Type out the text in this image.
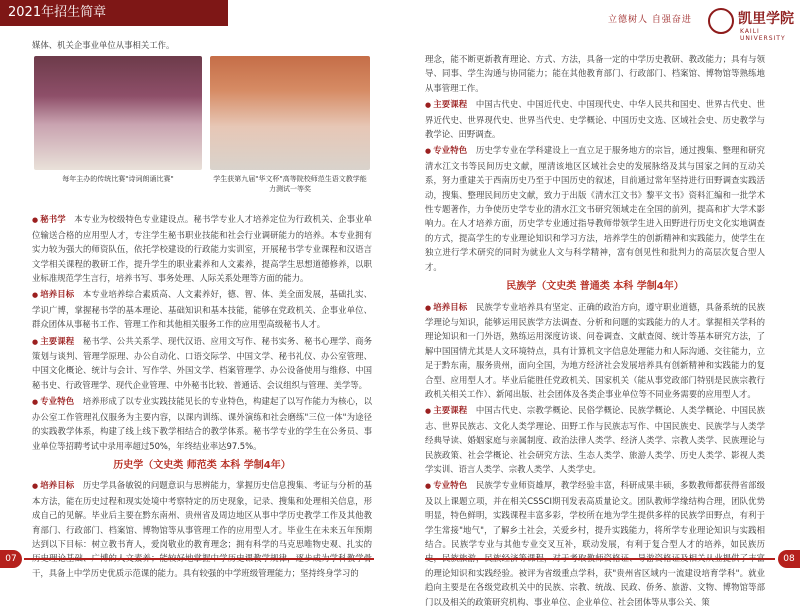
2021年招生简章	立德树人 自强奋进	凯里学院
KAILI UNIVERSITY

媒体、机关企事业单位从事相关工作。

每年主办的传统比赛"诗词朗诵比赛"	学生获第九届"华文杯"高等院校师范生语文教学能力测试一等奖

● 秘书学　 本专业为校级特色专业建设点。秘书学专业人才培养定位为行政机关、企事业单位输送合格的应用型人才，专注学生秘书职业技能和社会行业调研能力的培养。本专业拥有实力较为强大的师资队伍，依托学校建设的行政能力实训室，开展秘书学专业课程和汉语言文学相关课程的教研工作，提升学生的职业素养和人文素养，提高学生思想道德修养，以职业标准规范学生言行，培养书写、事务处理、人际关系处理等方面的能力。

● 培养目标　 本专业培养综合素质高、人文素养好，德、智、体、美全面发展，基础扎实、学识广博，掌握秘书学的基本理论、基础知识和基本技能，能够在党政机关、企事业单位、群众团体从事秘书工作、管理工作和其他相关服务工作的应用型高级秘书人才。

● 主要课程　 秘书学、公共关系学、现代汉语、应用文写作、秘书实务、秘书心理学、商务策划与谈判、管理学原理、办公自动化、口语交际学、中国文学、秘书礼仪、办公室管理、中国文化概论、统计与会计、写作学、外国文学、档案管理学、办公设备使用与维修、中国秘书史、行政管理学、现代企业管理、中外秘书比较、普通话、会议组织与管理、美学等。

● 专业特色　 培养形成了以专业实践技能见长的专业特色，构建起了以写作能力为核心，以办公室工作管理礼仪服务为主要内容，以课内训练、课外演练和社会磨练"三位一体"为途径的实践教学体系，构建了线上线下教学相结合的教学体系。秘书学专业的学生在公务员、事业单位等招聘考试中录用率超过50%，年终结业率达97.5%。

历史学（文史类 师范类 本科 学制4年）

● 培养目标　 历史学具备敏锐的问题意识与思辨能力，掌握历史信息搜集、考证与分析的基本方法，能在历史过程和现实处境中考察特定的历史现象，记录、搜集和处理相关信息，形成自己的见解。毕业后主要在黔东南州、贵州省及周边地区从事中学历史教学工作及其他教育部门、行政部门、档案馆、博物馆等从事管理工作的应用型人才。毕业生在未来五年预期达到以下目标：树立教书育人，爱岗敬业的教育理念；拥有科学的马克思唯物史观、扎实的 干，具备上中学历史优质示范课的能力。具有较强的中学班级管理能力；坚持终身学习的

理念，能不断更新教育理论、方式、方法，具备一定的中学历史教研、教改能力；具有与领导、同事、学生沟通与协同能力；能在其他教育部门、行政部门、档案馆、博物馆等熟练地从事管理工作。

● 主要课程　 中国古代史、中国近代史、中国现代史、中华人民共和国史、世界古代史、世界近代史、世界现代史、世界当代史、史学概论、中国历史文选、区域社会史、历史教学与教学论、田野调查。

● 专业特色　 历史学专业在学科建设上一直立足于服务地方的宗旨，通过搜集、整理和研究清水江文书等民间历史文献，厘清该地区区域社会史的发展脉络及其与国家之间的互动关系，努力重建关于西南历史乃至于中国历史的叙述，目前通过常年坚持进行田野调查实践活动，搜集、整理民间历史文献，致力于出版《清水江文书》黎平文书》资料汇编和一批学术性专题著作，力争使历史学专业的清水江文书研究领域走在全国的前列，提高和扩大学术影响力。在人才培养方面，历史学专业通过指导教师带领学生进入田野进行历史文化实地调查的方式，提高学生的专业理论知识和学习方法，培养学生的创新精神和实践能力，使学生在独立进行学术研究的同时为就业人文与科学精神，富有创见性和批判力的高层次复合型人才。

民族学（文史类 普通类 本科 学制4年）

● 培养目标　 民族学专业培养具有坚定、正确的政治方向，遵守职业道德，具备系统的民族学理论与知识，能够运用民族学方法调查、分析和问题的实践能力的人才。掌握相关学科的理论知识和一门外语，熟练运用深度访谈、问卷调查、文献查阅、统计等基本研究方法，了解中国国情尤其是人文环境特点，具有计算机文字信息处理能力和人际沟通、交往能力，立足于黔东南，服务贵州，面向全国，为地方经济社会发展培养具有创新精神和实践能力的复合型、应用型人才。毕业后能胜任党政机关、国家机关（能从事党政部门特别是民族宗教行政机关相关工作）、新闻出版、社会团体及各类企事业单位等不同业务需要的应用型人才。

● 主要课程　 中国古代史、宗教学概论、民俗学概论、民族学概论、人类学概论、中国民族志、世界民族志、文化人类学理论、田野工作与民族志写作、中国民族史、民族学与人类学经典导读、婚姻家庭与亲属制度、政治法律人类学、经济人类学、宗教人类学、民族理论与民族政策、社会学概论、社会研究方法、生态人类学、旅游人类学、历史人类学、影视人类学实训、语言人类学、宗教人类学、人类学史。

● 专业特色　 民族学专业师资雄厚，教学经验丰富，科研成果丰硕，多数教师都获得省部级及以上课题立项，并在相关CSSCI期刊发表高质量论文。团队教师学缘结构合理，团队优势明显，特色鲜明，实践课程丰富多彩，学校所在地为学生提供多样的民族学田野点，有利于学生常接"地气"，了解乡土社会，关爱乡村，提升实践能力，将所学专业理论知识与实践相结合。民族学专业与其他专业交叉互补，联动发展，有利于复合型人才的培养，如民族历 的理论知识和实践经验。被评为省级重点学科，获"贵州省区域内一流建设培育学科"。就业趋向主要是在各级党政机关中的民族、宗教、统战、民政、侨务、旅游、文物、博物馆等部门以及相关的政策研究机构、事业单位、企业单位、社会团体等从事公关、策

07	08
